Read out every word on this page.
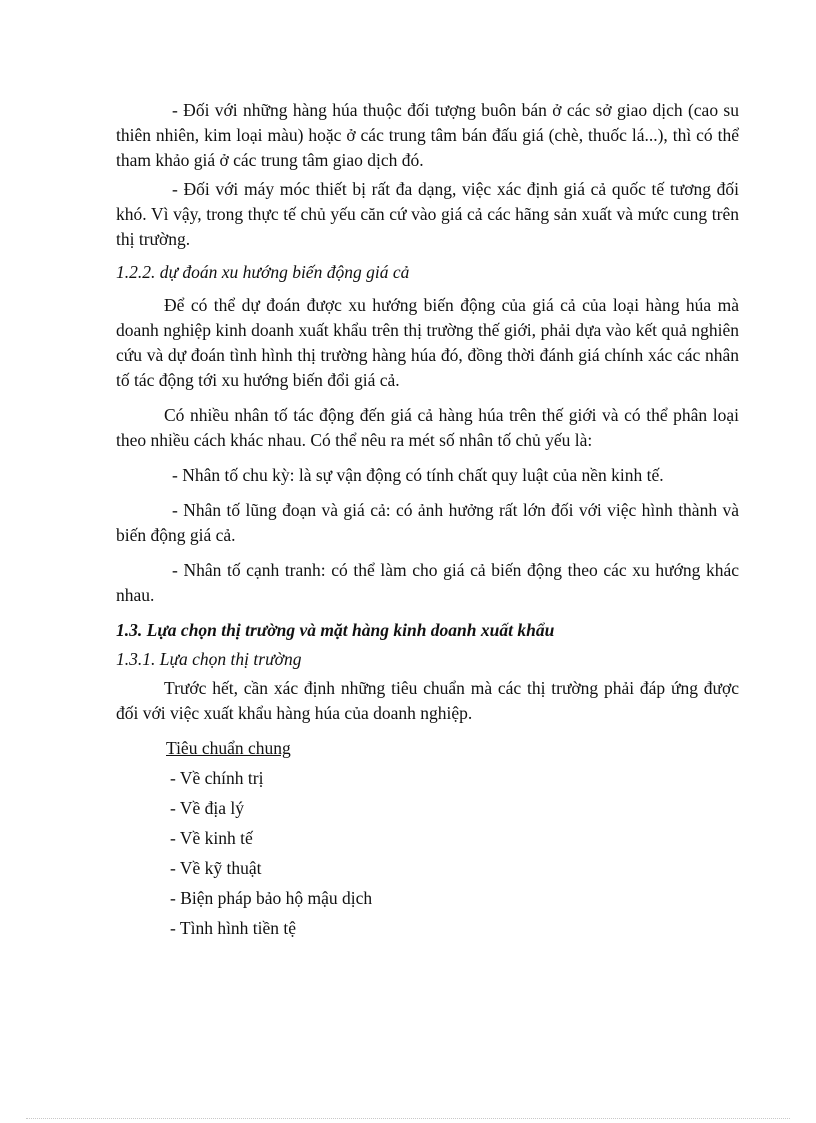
- Đối với những hàng húa thuộc đối tượng buôn bán ở các sở giao dịch (cao su thiên nhiên, kim loại màu) hoặc ở các trung tâm bán đấu giá (chè, thuốc lá...), thì có thể tham khảo giá ở các trung tâm giao dịch đó.

- Đối với máy móc thiết bị rất đa dạng, việc xác định giá cả quốc tế tương đối khó. Vì vậy, trong thực tế chủ yếu căn cứ vào giá cả các hãng sản xuất và mức cung trên thị trường.

1.2.2. dự đoán xu hướng biến động giá cả

Để có thể dự đoán được xu hướng biến động của giá cả của loại hàng húa mà doanh nghiệp kinh doanh xuất khẩu trên thị trường thế giới, phải dựa vào kết quả nghiên cứu và dự đoán tình hình thị trường hàng húa đó, đồng thời đánh giá chính xác các nhân tố tác động tới xu hướng biến đổi giá cả.

Có nhiều nhân tố tác động đến giá cả hàng húa trên thế giới và có thể phân loại theo nhiều cách khác nhau. Có thể nêu ra mét số nhân tố chủ yếu là:

- Nhân tố chu kỳ: là sự vận động có tính chất quy luật của nền kinh tế.

- Nhân tố lũng đoạn và giá cả: có ảnh hưởng rất lớn đối với việc hình thành và biến động giá cả.

- Nhân tố cạnh tranh: có thể làm cho giá cả biến động theo các xu hướng khác nhau.

1.3. Lựa chọn thị trường và mặt hàng kinh doanh xuất khẩu

1.3.1. Lựa chọn thị trường

Trước hết, cần xác định những tiêu chuẩn mà các thị trường phải đáp ứng được đối với việc xuất khẩu hàng húa của doanh nghiệp.

Tiêu chuẩn chung

- Về chính trị

- Về địa lý

- Về kinh tế

- Về kỹ thuật

- Biện pháp bảo hộ mậu dịch

- Tình hình tiền tệ
